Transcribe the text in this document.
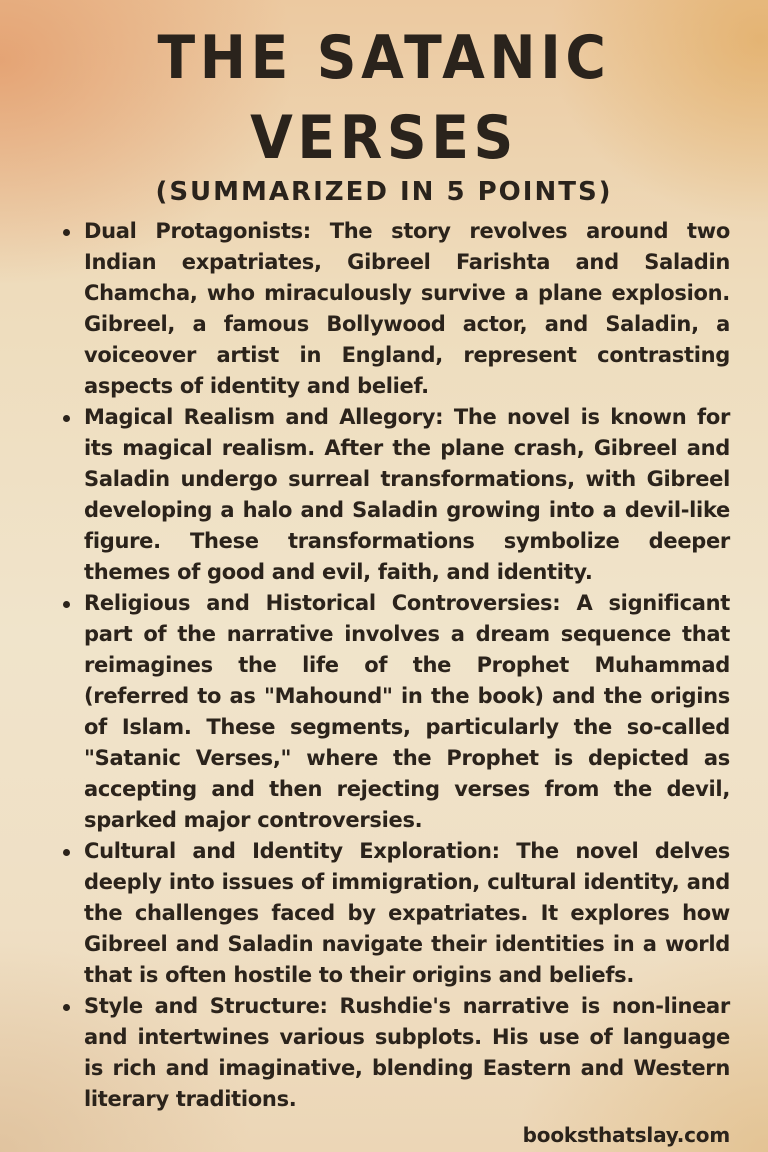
THE SATANIC
VERSES
(SUMMARIZED IN 5 POINTS)
Dual Protagonists: The story revolves around two Indian expatriates, Gibreel Farishta and Saladin Chamcha, who miraculously survive a plane explosion. Gibreel, a famous Bollywood actor, and Saladin, a voiceover artist in England, represent contrasting aspects of identity and belief.
Magical Realism and Allegory: The novel is known for its magical realism. After the plane crash, Gibreel and Saladin undergo surreal transformations, with Gibreel developing a halo and Saladin growing into a devil-like figure. These transformations symbolize deeper themes of good and evil, faith, and identity.
Religious and Historical Controversies: A significant part of the narrative involves a dream sequence that reimagines the life of the Prophet Muhammad (referred to as "Mahound" in the book) and the origins of Islam. These segments, particularly the so-called "Satanic Verses," where the Prophet is depicted as accepting and then rejecting verses from the devil, sparked major controversies.
Cultural and Identity Exploration: The novel delves deeply into issues of immigration, cultural identity, and the challenges faced by expatriates. It explores how Gibreel and Saladin navigate their identities in a world that is often hostile to their origins and beliefs.
Style and Structure: Rushdie's narrative is non-linear and intertwines various subplots. His use of language is rich and imaginative, blending Eastern and Western literary traditions.
booksthatslay.com
